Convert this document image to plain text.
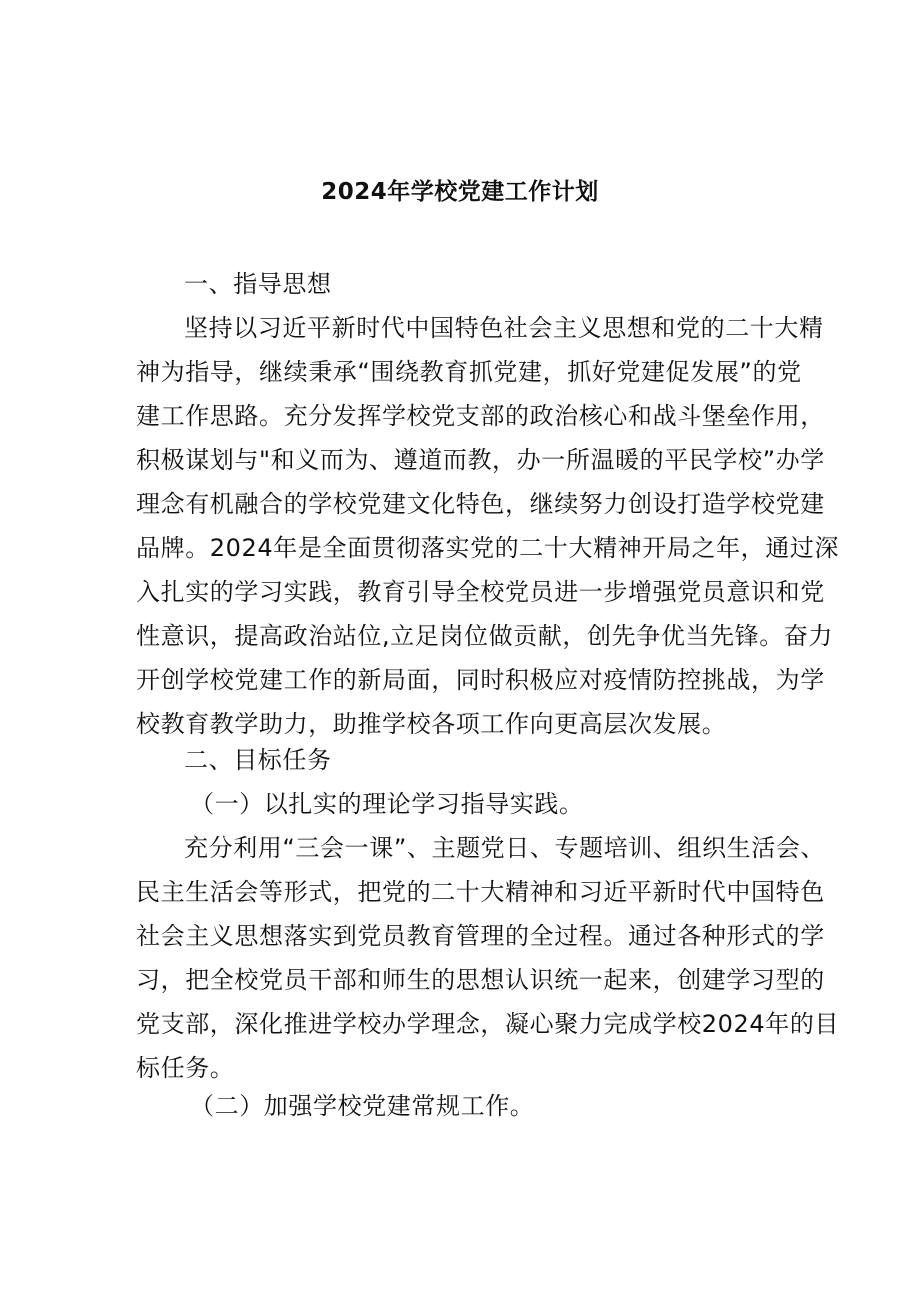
2024年学校党建工作计划
一、指导思想
坚持以习近平新时代中国特色社会主义思想和党的二十大精
神为指导，继续秉承“围绕教育抓党建，抓好党建促发展”的党
建工作思路。充分发挥学校党支部的政治核心和战斗堡垒作用，
积极谋划与"和义而为、遵道而教，办一所温暖的平民学校”办学
理念有机融合的学校党建文化特色，继续努力创设打造学校党建
品牌。2024年是全面贯彻落实党的二十大精神开局之年，通过深
入扎实的学习实践，教育引导全校党员进一步增强党员意识和党
性意识，提高政治站位,立足岗位做贡献，创先争优当先锋。奋力
开创学校党建工作的新局面，同时积极应对疫情防控挑战，为学
校教育教学助力，助推学校各项工作向更高层次发展。
二、目标任务
（一）以扎实的理论学习指导实践。
充分利用“三会一课”、主题党日、专题培训、组织生活会、
民主生活会等形式，把党的二十大精神和习近平新时代中国特色
社会主义思想落实到党员教育管理的全过程。通过各种形式的学
习，把全校党员干部和师生的思想认识统一起来，创建学习型的
党支部，深化推进学校办学理念，凝心聚力完成学校2024年的目
标任务。
（二）加强学校党建常规工作。
